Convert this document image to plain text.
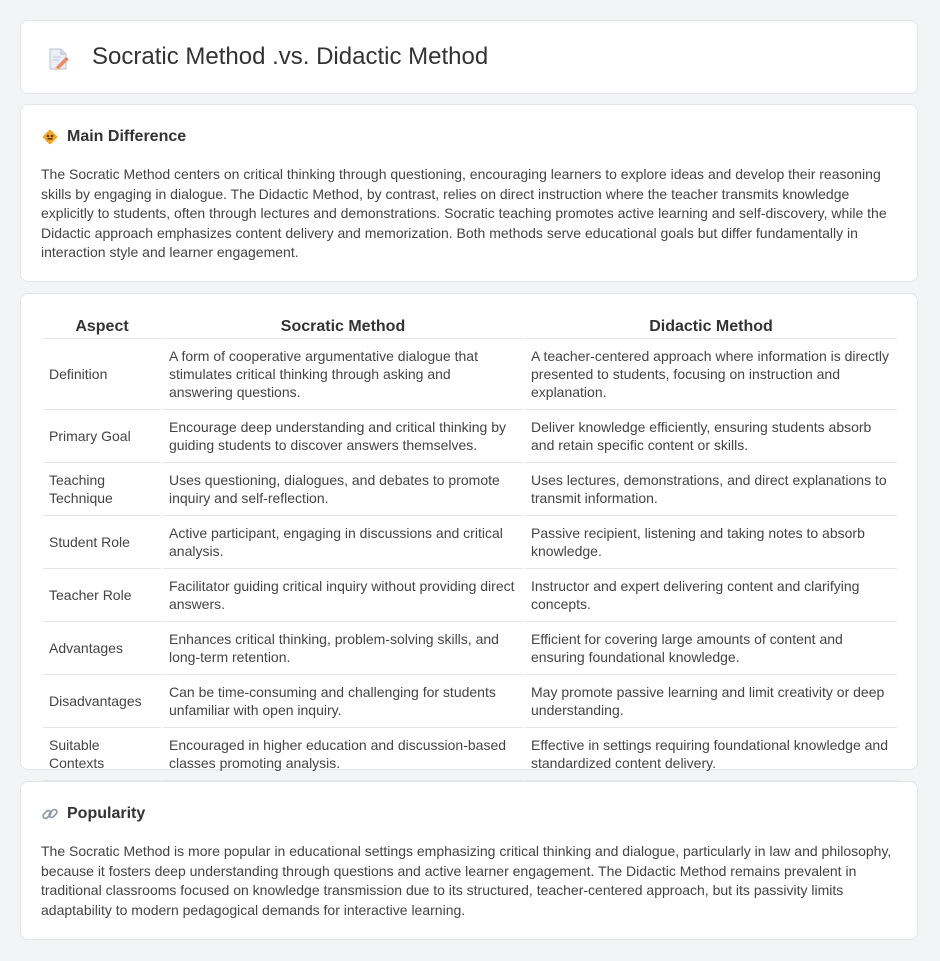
Socratic Method .vs. Didactic Method
Main Difference

The Socratic Method centers on critical thinking through questioning, encouraging learners to explore ideas and develop their reasoning skills by engaging in dialogue. The Didactic Method, by contrast, relies on direct instruction where the teacher transmits knowledge explicitly to students, often through lectures and demonstrations. Socratic teaching promotes active learning and self-discovery, while the Didactic approach emphasizes content delivery and memorization. Both methods serve educational goals but differ fundamentally in interaction style and learner engagement.

Aspect	Socratic Method	Didactic Method
Definition	A form of cooperative argumentative dialogue that stimulates critical thinking through asking and answering questions.	A teacher-centered approach where information is directly presented to students, focusing on instruction and explanation.
Primary Goal	Encourage deep understanding and critical thinking by guiding students to discover answers themselves.	Deliver knowledge efficiently, ensuring students absorb and retain specific content or skills.
Teaching Technique	Uses questioning, dialogues, and debates to promote inquiry and self-reflection.	Uses lectures, demonstrations, and direct explanations to transmit information.
Student Role	Active participant, engaging in discussions and critical analysis.	Passive recipient, listening and taking notes to absorb knowledge.
Teacher Role	Facilitator guiding critical inquiry without providing direct answers.	Instructor and expert delivering content and clarifying concepts.
Advantages	Enhances critical thinking, problem-solving skills, and long-term retention.	Efficient for covering large amounts of content and ensuring foundational knowledge.
Disadvantages	Can be time-consuming and challenging for students unfamiliar with open inquiry.	May promote passive learning and limit creativity or deep understanding.
Suitable Contexts	Encouraged in higher education and discussion-based classes promoting analysis.	Effective in settings requiring foundational knowledge and standardized content delivery.
Popularity

The Socratic Method is more popular in educational settings emphasizing critical thinking and dialogue, particularly in law and philosophy, because it fosters deep understanding through questions and active learner engagement. The Didactic Method remains prevalent in traditional classrooms focused on knowledge transmission due to its structured, teacher-centered approach, but its passivity limits adaptability to modern pedagogical demands for interactive learning.
